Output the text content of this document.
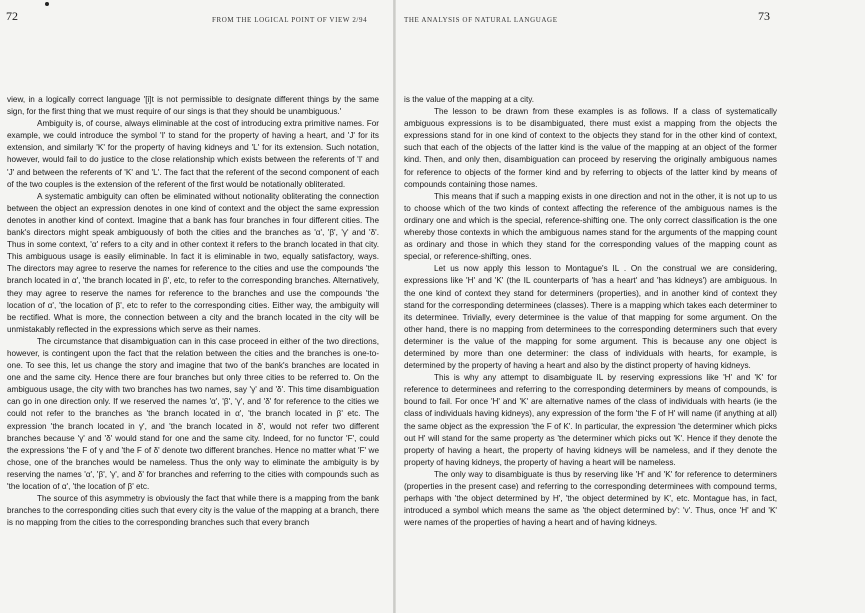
72	FROM THE LOGICAL POINT OF VIEW 2/94

view, in a logically correct language '[i]t is not permissible to designate different things by the same sign, for the first thing that we must require of our sings is that they should be unambiguous.'

Ambiguity is, of course, always eliminable at the cost of introducing extra primitive names. For example, we could introduce the symbol 'I' to stand for the property of having a heart, and 'J' for its extension, and similarly 'K' for the property of having kidneys and 'L' for its extension. Such notation, however, would fail to do justice to the close relationship which exists between the referents of 'I' and 'J' and between the referents of 'K' and 'L'. The fact that the referent of the second component of each of the two couples is the extension of the referent of the first would be notationally obliterated.

A systematic ambiguity can often be eliminated without notionality obliterating the connection between the object an expression denotes in one kind of context and the object the same expression denotes in another kind of context. Imagine that a bank has four branches in four different cities. The bank's directors might speak ambiguously of both the cities and the branches as 'α', 'β', 'γ' and 'δ'. Thus in some context, 'α' refers to a city and in other context it refers to the branch located in that city. This ambiguous usage is easily eliminable. In fact it is eliminable in two, equally satisfactory, ways. The directors may agree to reserve the names for reference to the cities and use the compounds 'the branch located in α', 'the branch located in β', etc, to refer to the corresponding branches. Alternatively, they may agree to reserve the names for reference to the branches and use the compounds 'the location of α', 'the location of β', etc to refer to the corresponding cities. Either way, the ambiguity will be rectified. What is more, the connection between a city and the branch located in the city will be unmistakably reflected in the expressions which serve as their names.

The circumstance that disambiguation can in this case proceed in either of the two directions, however, is contingent upon the fact that the relation between the cities and the branches is one-to-one. To see this, let us change the story and imagine that two of the bank's branches are located in one and the same city. Hence there are four branches but only three cities to be referred to. On the ambiguous usage, the city with two branches has two names, say 'γ' and 'δ'. This time disambiguation can go in one direction only. If we reserved the names 'α', 'β', 'γ', and 'δ' for reference to the cities we could not refer to the branches as 'the branch located in α', 'the branch located in β' etc. The expression 'the branch located in γ', and 'the branch located in δ', would not refer two different branches because 'γ' and 'δ' would stand for one and the same city. Indeed, for no functor 'F', could the expressions 'the F of γ and 'the F of δ' denote two different branches. Hence no matter what 'F' we chose, one of the branches would be nameless. Thus the only way to eliminate the ambiguity is by reserving the names 'α', 'β', 'γ', and δ' for branches and referring to the cities with compounds such as 'the location of α', 'the location of β' etc.

The source of this asymmetry is obviously the fact that while there is a mapping from the bank branches to the corresponding cities such that every city is the value of the mapping at a branch, there is no mapping from the cities to the corresponding branches such that every branch

THE ANALYSIS OF NATURAL LANGUAGE	73

is the value of the mapping at a city.

The lesson to be drawn from these examples is as follows. If a class of systematically ambiguous expressions is to be disambiguated, there must exist a mapping from the objects the expressions stand for in one kind of context to the objects they stand for in the other kind of context, such that each of the objects of the latter kind is the value of the mapping at an object of the former kind. Then, and only then, disambiguation can proceed by reserving the originally ambiguous names for reference to objects of the former kind and by referring to objects of the latter kind by means of compounds containing those names.

This means that if such a mapping exists in one direction and not in the other, it is not up to us to choose which of the two kinds of context affecting the reference of the ambiguous names is the ordinary one and which is the special, reference-shifting one. The only correct classification is the one whereby those contexts in which the ambiguous names stand for the arguments of the mapping count as ordinary and those in which they stand for the corresponding values of the mapping count as special, or reference-shifting, ones.

Let us now apply this lesson to Montague's IL . On the construal we are considering, expressions like 'H' and 'K' (the IL counterparts of 'has a heart' and 'has kidneys') are ambiguous. In the one kind of context they stand for determiners (properties), and in another kind of context they stand for the corresponding determinees (classes). There is a mapping which takes each determiner to its determinee. Trivially, every determinee is the value of that mapping for some argument. On the other hand, there is no mapping from determinees to the corresponding determiners such that every determiner is the value of the mapping for some argument. This is because any one object is determined by more than one determiner: the class of individuals with hearts, for example, is determined by the property of having a heart and also by the distinct property of having kidneys.

This is why any attempt to disambiguate IL by reserving expressions like 'H' and 'K' for reference to determinees and referring to the corresponding determiners by means of compounds, is bound to fail. For once 'H' and 'K' are alternative names of the class of individuals with hearts (ie the class of individuals having kidneys), any expression of the form 'the F of H' will name (if anything at all) the same object as the expression 'the F of K'. In particular, the expression 'the determiner which picks out H' will stand for the same property as 'the determiner which picks out 'K'. Hence if they denote the property of having a heart, the property of having kidneys will be nameless, and if they denote the property of having kidneys, the property of having a heart will be nameless.

The only way to disambiguate is thus by reserving like 'H' and 'K' for reference to determiners (properties in the present case) and referring to the corresponding determinees with compound terms, perhaps with 'the object determined by H', 'the object determined by K', etc. Montague has, in fact, introduced a symbol which means the same as 'the object determined by': 'v'. Thus, once 'H' and 'K' were names of the properties of having a heart and of having kidneys.
